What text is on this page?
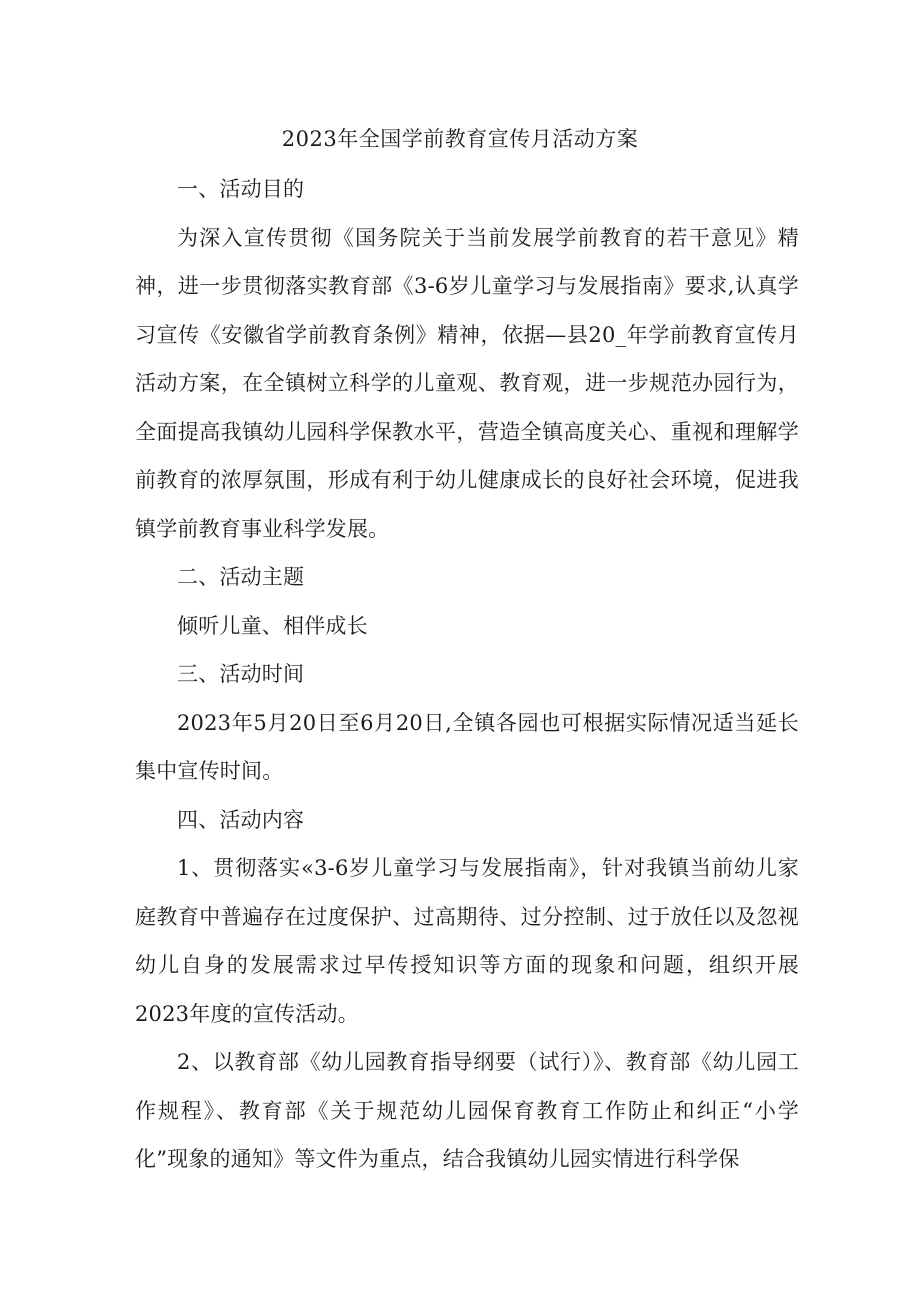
2023年全国学前教育宣传月活动方案

一、活动目的

为深入宣传贯彻《国务院关于当前发展学前教育的若干意见》精神，进一步贯彻落实教育部《3-6岁儿童学习与发展指南》要求,认真学习宣传《安徽省学前教育条例》精神，依据—县20_年学前教育宣传月活动方案，在全镇树立科学的儿童观、教育观，进一步规范办园行为，全面提高我镇幼儿园科学保教水平，营造全镇高度关心、重视和理解学前教育的浓厚氛围，形成有利于幼儿健康成长的良好社会环境，促进我镇学前教育事业科学发展。

二、活动主题

倾听儿童、相伴成长

三、活动时间

2023年5月20日至6月20日,全镇各园也可根据实际情况适当延长集中宣传时间。

四、活动内容

1、贯彻落实«3-6岁儿童学习与发展指南》，针对我镇当前幼儿家庭教育中普遍存在过度保护、过高期待、过分控制、过于放任以及忽视幼儿自身的发展需求过早传授知识等方面的现象和问题，组织开展2023年度的宣传活动。

2、以教育部《幼儿园教育指导纲要（试行）》、教育部《幼儿园工作规程》、教育部《关于规范幼儿园保育教育工作防止和纠正“小学化”现象的通知》等文件为重点，结合我镇幼儿园实情进行科学保
